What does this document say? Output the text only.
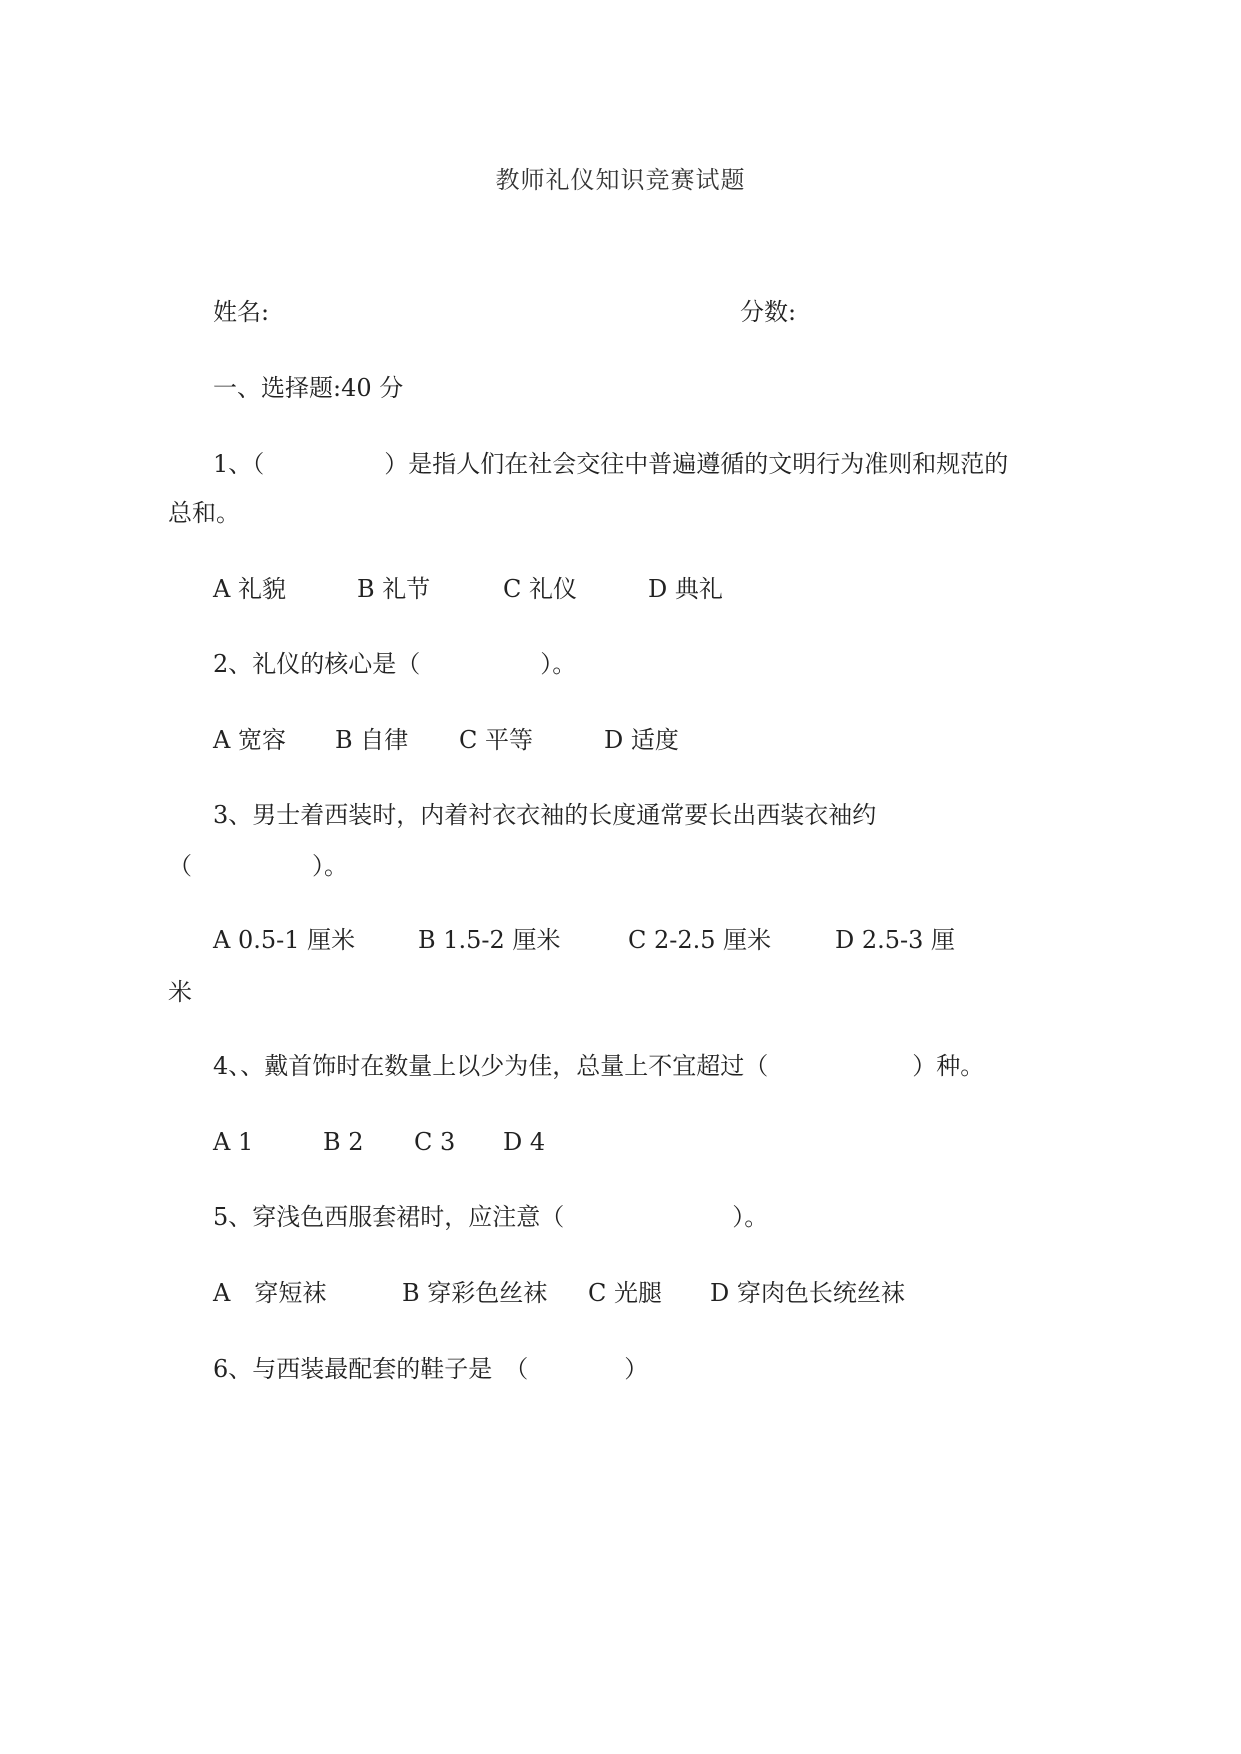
教师礼仪知识竞赛试题
姓名:	分数:
一、选择题:40 分
1、（　　　　　）是指人们在社会交往中普遍遵循的文明行为准则和规范的
总和。
A 礼貌	B 礼节	C 礼仪	D 典礼
2、礼仪的核心是（　　　　　）。
A 宽容 B 自律 C 平等	D 适度
3、男士着西装时，内着衬衣衣袖的长度通常要长出西装衣袖约
（　　　　　）。
A 0.5-1 厘米	B 1.5-2 厘米	C 2-2.5 厘米	D 2.5-3 厘
米
4、、戴首饰时在数量上以少为佳，总量上不宜超过（　　　　　　）种。
A 1	B 2 C 3 D 4
5、穿浅色西服套裙时，应注意（　　　　　　　）。
A　穿短袜	B 穿彩色丝袜 C 光腿 D 穿肉色长统丝袜
6、与西装最配套的鞋子是　（　　　　）
